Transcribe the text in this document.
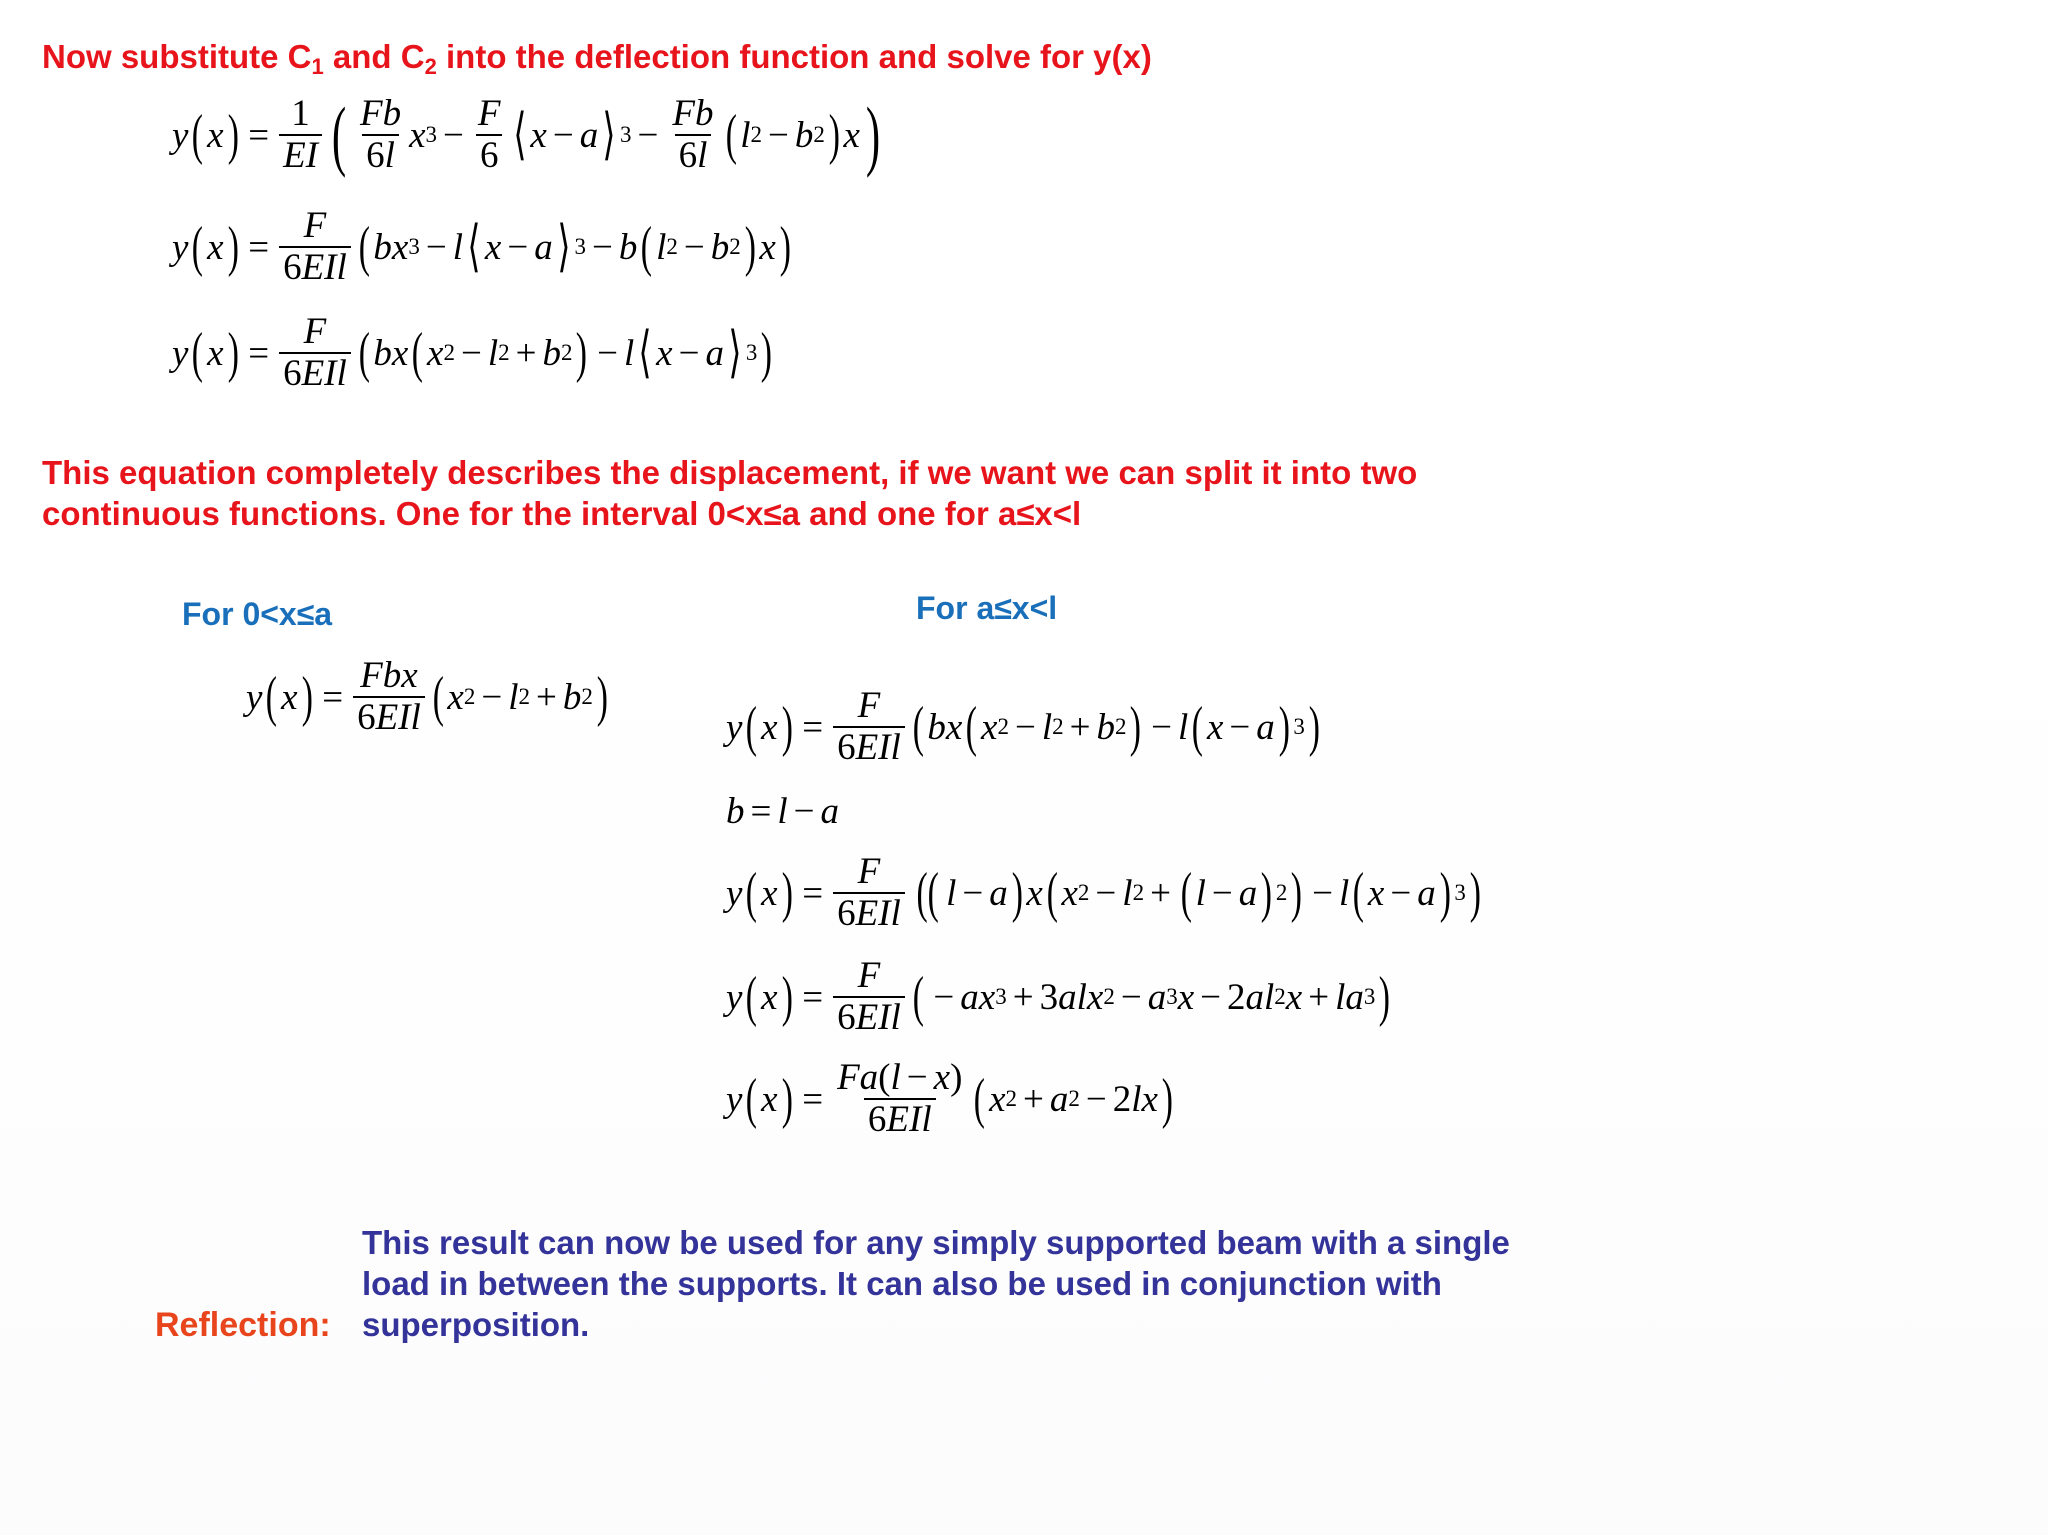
Now substitute $C_1$ and $C_2$ into the deflection function and solve for y(x)
y ( x ) = $\frac{1}{EI}$ ( $\frac{Fb}{6l}$ x $3 - \frac{F}{6}$ ⟨ x − a ⟩ $3 - \frac{Fb}{6l}$ ( l 2 − b 2 ) x )
y ( x ) = $\frac{F}{\text{6EIl}}$ ( bx 3 − l ⟨ x − a ⟩ 3 − b ( l 2 − b 2 ) x )
y ( x ) = $\frac{F}{\text{6EIl}}$ ( bx ( x 2 − l 2 + b 2 ) − l ⟨ x − a ⟩ 3 )
This equation completely describes the displacement, if we want we can split it into two continuous functions. One for the interval 0<x≤a and one for a≤x<l
For 0<x≤a	For a≤x<l
y ( x ) = $\frac{\text{Fbx}}{\text{6EIl}}$ ( x 2 − l 2 + b 2 )	y ( x ) = $\frac{F}{\text{6EIl}}$ ( bx ( x 2 − l 2 + b 2 ) − l ( x − a ) 3 )
b = l − a
y ( x ) = $\frac{F}{\text{6EIl}}$ (( l − a ) x ( x 2 − l 2 + ( l − a ) 2 ) − l ( x − a ) 3 )
y ( x ) = $\frac{F}{\text{6EIl}}$ ( − ax 3 + 3 alx 2 − a 3 x − 2 al 2 x + la 3 )
y ( x ) = $\frac{Fa(l - x)}{\text{6EIl}}$ ( x 2 + a 2 − 2 lx )
This result can now be used for any simply supported beam with a single load in between the supports. It can also be used in conjunction with superposition.
Reflection:
